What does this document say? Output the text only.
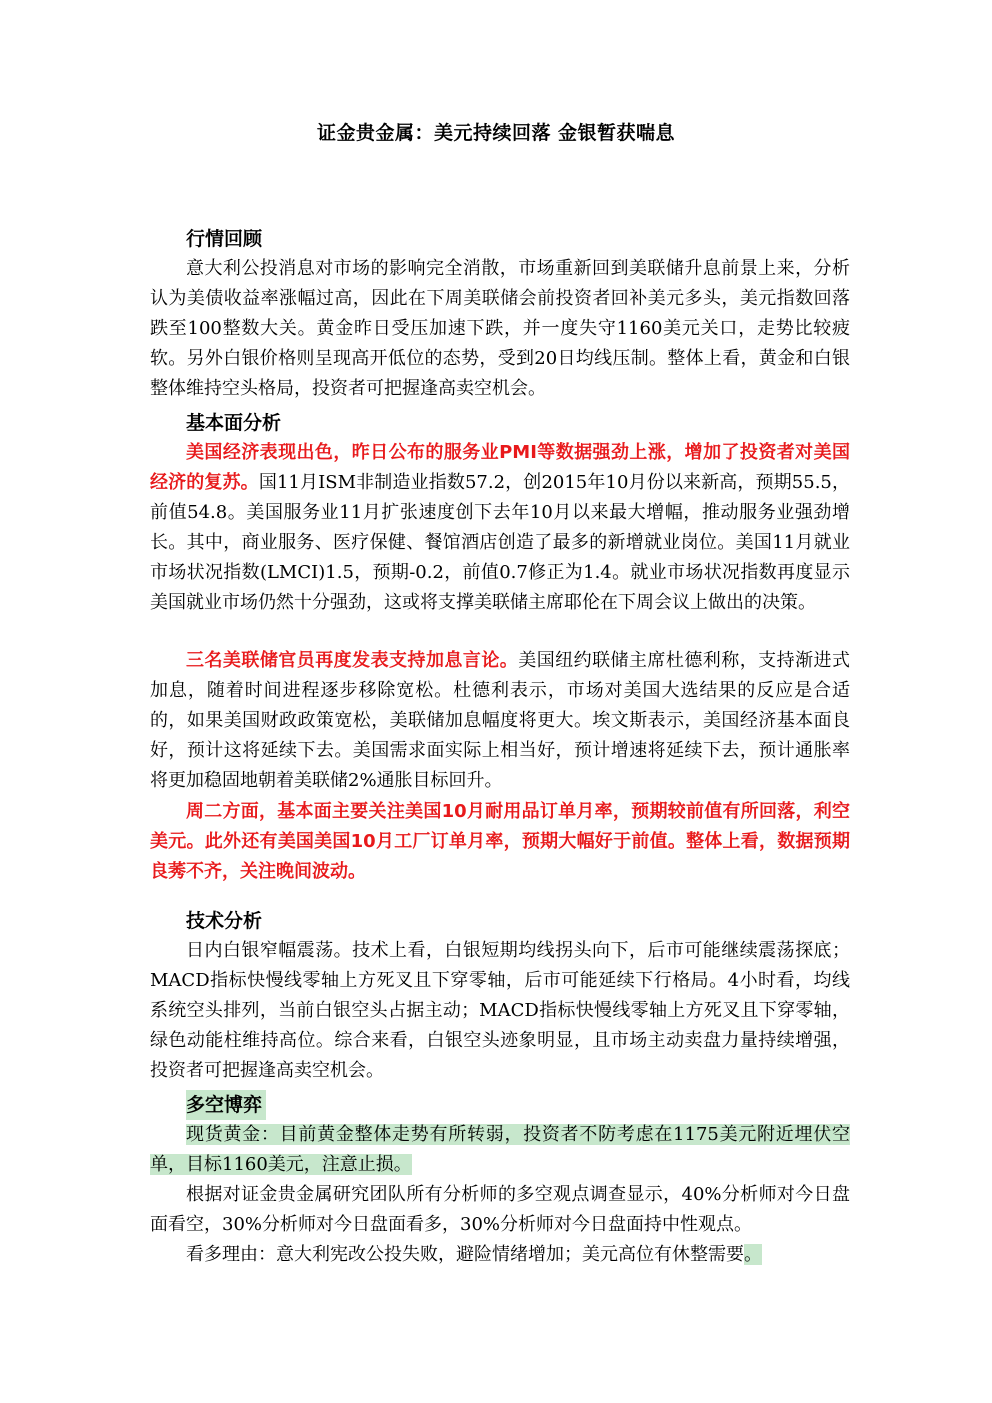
证金贵金属：美元持续回落 金银暂获喘息

行情回顾

意大利公投消息对市场的影响完全消散，市场重新回到美联储升息前景上来，分析认为美债收益率涨幅过高，因此在下周美联储会前投资者回补美元多头，美元指数回落跌至100整数大关。黄金昨日受压加速下跌，并一度失守1160美元关口，走势比较疲软。另外白银价格则呈现高开低位的态势，受到20日均线压制。整体上看，黄金和白银整体维持空头格局，投资者可把握逢高卖空机会。

基本面分析

美国经济表现出色，昨日公布的服务业PMI等数据强劲上涨，增加了投资者对美国经济的复苏。国11月ISM非制造业指数57.2，创2015年10月份以来新高，预期55.5，前值54.8。美国服务业11月扩张速度创下去年10月以来最大增幅，推动服务业强劲增长。其中，商业服务、医疗保健、餐馆酒店创造了最多的新增就业岗位。美国11月就业市场状况指数(LMCI)1.5，预期-0.2，前值0.7修正为1.4。就业市场状况指数再度显示美国就业市场仍然十分强劲，这或将支撑美联储主席耶伦在下周会议上做出的决策。

三名美联储官员再度发表支持加息言论。美国纽约联储主席杜德利称，支持渐进式加息，随着时间进程逐步移除宽松。杜德利表示，市场对美国大选结果的反应是合适的，如果美国财政政策宽松，美联储加息幅度将更大。埃文斯表示，美国经济基本面良好，预计这将延续下去。美国需求面实际上相当好，预计增速将延续下去，预计通胀率将更加稳固地朝着美联储2%通胀目标回升。

周二方面，基本面主要关注美国10月耐用品订单月率，预期较前值有所回落，利空美元。此外还有美国美国10月工厂订单月率，预期大幅好于前值。整体上看，数据预期良莠不齐，关注晚间波动。

技术分析

日内白银窄幅震荡。技术上看，白银短期均线拐头向下，后市可能继续震荡探底；MACD指标快慢线零轴上方死叉且下穿零轴，后市可能延续下行格局。4小时看，均线系统空头排列，当前白银空头占据主动；MACD指标快慢线零轴上方死叉且下穿零轴，绿色动能柱维持高位。综合来看，白银空头迹象明显，且市场主动卖盘力量持续增强，投资者可把握逢高卖空机会。

多空博弈

现货黄金：目前黄金整体走势有所转弱，投资者不防考虑在1175美元附近埋伏空单，目标1160美元，注意止损。

根据对证金贵金属研究团队所有分析师的多空观点调查显示，40%分析师对今日盘面看空，30%分析师对今日盘面看多，30%分析师对今日盘面持中性观点。

看多理由：意大利宪改公投失败，避险情绪增加；美元高位有休整需要。
